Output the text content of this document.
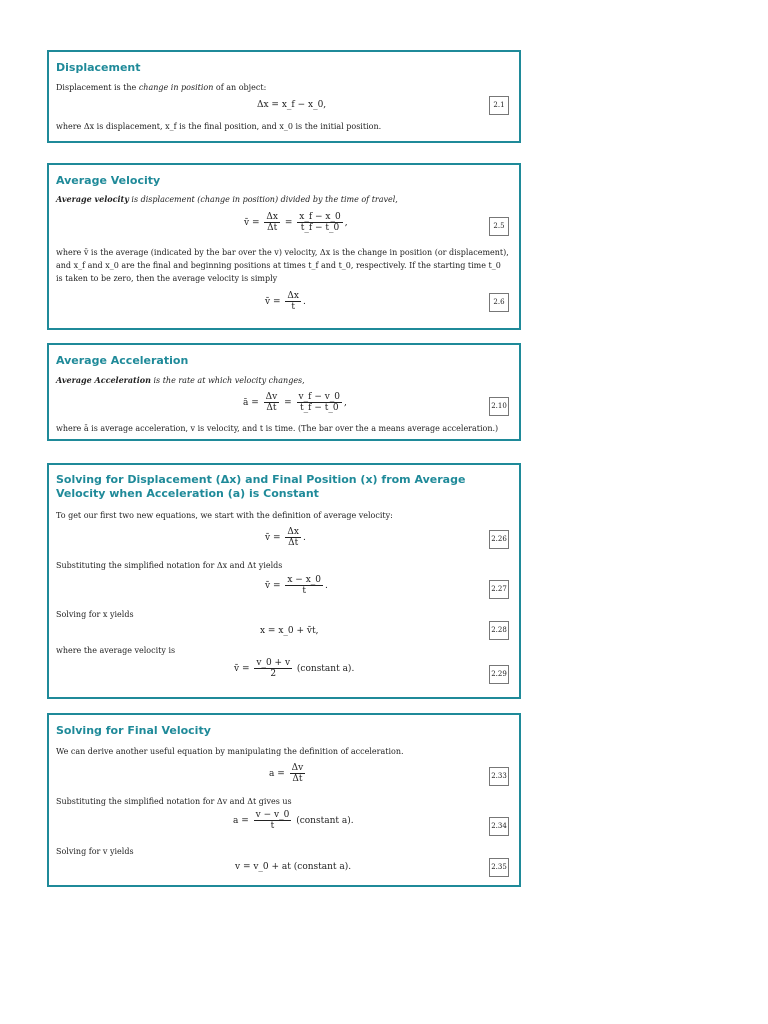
Displacement
Displacement is the change in position of an object:
Δx = x_f − x_0,	2.1
where Δx is displacement, x_f is the final position, and x_0 is the initial position.
Average Velocity
Average velocity is displacement (change in position) divided by the time of travel,
v̄ = $\frac{\Delta x}{\Delta t} = \frac{x\_f - x\_0}{t\_f - t\_0}$ ,	2.5
where v̄ is the average (indicated by the bar over the v) velocity, Δx is the change in position (or displacement), and x_f and x_0 are the final and beginning positions at times t_f and t_0, respectively. If the starting time t_0 is taken to be zero, then the average velocity is simply
v̄ = $\frac{\Delta x}{t}$ .	2.6
Average Acceleration
Average Acceleration is the rate at which velocity changes,
ā = $\frac{\Delta v}{\Delta t} = \frac{v\_f - v\_0}{t\_f - t\_0}$ ,	2.10
where ā is average acceleration, v is velocity, and t is time. (The bar over the a means average acceleration.)
Solving for Displacement (Δx) and Final Position (x) from Average Velocity when Acceleration (a) is Constant
To get our first two new equations, we start with the definition of average velocity:
v̄ = $\frac{\Delta x}{\Delta t}$ .	2.26
Substituting the simplified notation for Δx and Δt yields
v̄ = $\frac{x - x\_0}{t}$ .	2.27
Solving for x yields
x = x_0 + v̄t,	2.28
where the average velocity is
v̄ = $\frac{v\_0 + v}{2}$ (constant a).	2.29
Solving for Final Velocity
We can derive another useful equation by manipulating the definition of acceleration.
$a = \frac{\Delta v}{\Delta t}$	2.33
Substituting the simplified notation for Δv and Δt gives us
$a = \frac{v - v\_0}{t}$ (constant a).	2.34
Solving for v yields
v = v_0 + at (constant a).	2.35
